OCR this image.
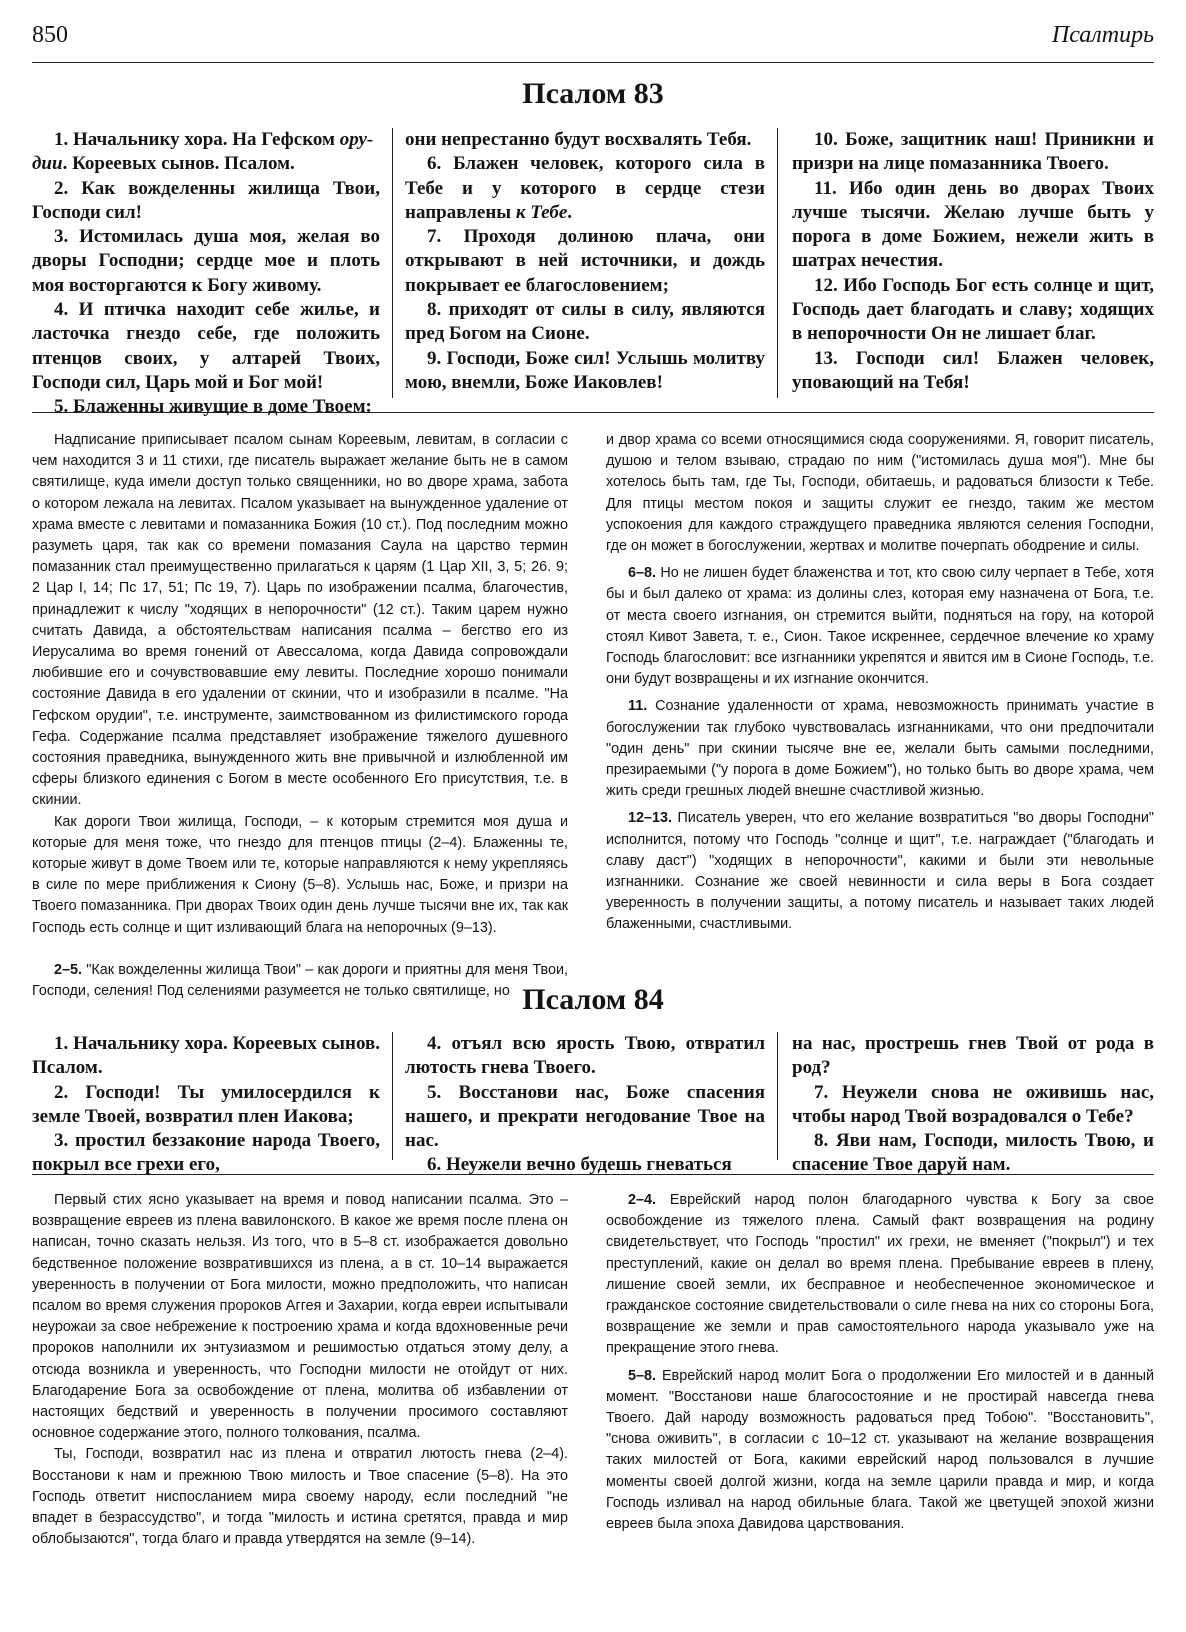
850	Псалтирь
Псалом 83

1. Начальнику хора. На Гефском ору-
дии. Кореевых сынов. Псалом.

2. Как вожделенны жилища Твои, Господи сил!

3. Истомилась душа моя, желая во дворы Господни; сердце мое и плоть моя восторгаются к Богу живому.

4. И птичка находит себе жилье, и ласточка гнездо себе, где положить птенцов своих, у алтарей Твоих, Господи сил, Царь мой и Бог мой!

5. Блаженны живущие в доме Твоем:

они непрестанно будут восхвалять Тебя.

6. Блажен человек, которого сила в Тебе и у которого в сердце стези направлены к Тебе.

7. Проходя долиною плача, они открывают в ней источники, и дождь покрывает ее благословением;

8. приходят от силы в силу, являются пред Богом на Сионе.

9. Господи, Боже сил! Услышь молитву мою, внемли, Боже Иаковлев!

10. Боже, защитник наш! Приникни и призри на лице помазанника Твоего.

11. Ибо один день во дворах Твоих лучше тысячи. Желаю лучше быть у порога в доме Божием, нежели жить в шатрах нечестия.

12. Ибо Господь Бог есть солнце и щит, Господь дает благодать и славу; ходящих в непорочности Он не лишает благ.

13. Господи сил! Блажен человек, уповающий на Тебя!

Надписание приписывает псалом сынам Кореевым, левитам, в согласии с чем находится 3 и 11 стихи, где писатель выражает желание быть не в самом святилище, куда имели доступ только священники, но во дворе храма, забота о котором лежала на левитах. Псалом указывает на вынужденное удаление от храма вместе с левитами и помазанника Божия (10 ст.). Под последним можно разуметь царя, так как со времени помазания Саула на царство термин помазанник стал преимущественно прилагаться к царям (1 Цар XII, 3, 5; 26. 9; 2 Цар I, 14; Пс 17, 51; Пс 19, 7). Царь по изображении псалма, благочестив, принадлежит к числу "ходящих в непорочности" (12 ст.). Таким царем нужно считать Давида, а обстоятельствам написания псалма – бегство его из Иерусалима во время гонений от Авессалома, когда Давида сопровождали любившие его и сочувствовавшие ему левиты. Последние хорошо понимали состояние Давида в его удалении от скинии, что и изобразили в псалме. "На Гефском орудии", т.е. инструменте, заимствованном из филистимского города Гефа. Содержание псалма представляет изображение тяжелого душевного состояния праведника, вынужденного жить вне привычной и излюбленной им сферы близкого единения с Богом в месте особенного Его присутствия, т.е. в скинии.

Как дороги Твои жилища, Господи, – к которым стремится моя душа и которые для меня тоже, что гнездо для птенцов птицы (2–4). Блаженны те, которые живут в доме Твоем или те, которые направляются к нему укрепляясь в силе по мере приближения к Сиону (5–8). Услышь нас, Боже, и призри на Твоего помазанника. При дворах Твоих один день лучше тысячи вне их, так как Господь есть солнце и щит изливающий блага на непорочных (9–13).

2–5. "Как вожделенны жилища Твои" – как дороги и приятны для меня Твои, Господи, селения! Под селениями разумеется не только святилище, но

и двор храма со всеми относящимися сюда сооружениями. Я, говорит писатель, душою и телом взываю, страдаю по ним ("истомилась душа моя"). Мне бы хотелось быть там, где Ты, Господи, обитаешь, и радоваться близости к Тебе. Для птицы местом покоя и защиты служит ее гнездо, таким же местом успокоения для каждого страждущего праведника являются селения Господни, где он может в богослужении, жертвах и молитве почерпать ободрение и силы.

6–8. Но не лишен будет блаженства и тот, кто свою силу черпает в Тебе, хотя бы и был далеко от храма: из долины слез, которая ему назначена от Бога, т.е. от места своего изгнания, он стремится выйти, подняться на гору, на которой стоял Кивот Завета, т. е., Сион. Такое искреннее, сердечное влечение ко храму Господь благословит: все изгнанники укрепятся и явится им в Сионе Господь, т.е. они будут возвращены и их изгнание окончится.

11. Сознание удаленности от храма, невозможность принимать участие в богослужении так глубоко чувствовалась изгнанниками, что они предпочитали "один день" при скинии тысяче вне ее, желали быть самыми последними, презираемыми ("у порога в доме Божием"), но только быть во дворе храма, чем жить среди грешных людей внешне счастливой жизнью.

12–13. Писатель уверен, что его желание возвратиться "во дворы Господни" исполнится, потому что Господь "солнце и щит", т.е. награждает ("благодать и славу даст") "ходящих в непорочности", какими и были эти невольные изгнанники. Сознание же своей невинности и сила веры в Бога создает уверенность в получении защиты, а потому писатель и называет таких людей блаженными, счастливыми.

Псалом 84

1. Начальнику хора. Кореевых сынов. Псалом.

2. Господи! Ты умилосердился к земле Твоей, возвратил плен Иакова;

3. простил беззаконие народа Твоего, покрыл все грехи его,

4. отъял всю ярость Твою, отвратил лютость гнева Твоего.

5. Восстанови нас, Боже спасения нашего, и прекрати негодование Твое на нас.

6. Неужели вечно будешь гневаться

на нас, прострешь гнев Твой от рода в род?

7. Неужели снова не оживишь нас, чтобы народ Твой возрадовался о Тебе?

8. Яви нам, Господи, милость Твою, и спасение Твое даруй нам.

Первый стих ясно указывает на время и повод написании псалма. Это – возвращение евреев из плена вавилонского. В какое же время после плена он написан, точно сказать нельзя. Из того, что в 5–8 ст. изображается довольно бедственное положение возвратившихся из плена, а в ст. 10–14 выражается уверенность в получении от Бога милости, можно предположить, что написан псалом во время служения пророков Аггея и Захарии, когда евреи испытывали неурожаи за свое небрежение к построению храма и когда вдохновенные речи пророков наполнили их энтузиазмом и решимостью отдаться этому делу, а отсюда возникла и уверенность, что Господни милости не отойдут от них. Благодарение Бога за освобождение от плена, молитва об избавлении от настоящих бедствий и уверенность в получении просимого составляют основное содержание этого, полного толкования, псалма.

Ты, Господи, возвратил нас из плена и отвратил лютость гнева (2–4). Восстанови к нам и прежнюю Твою милость и Твое спасение (5–8). На это Господь ответит ниспосланием мира своему народу, если последний "не впадет в безрассудство", и тогда "милость и истина сретятся, правда и мир облобызаются", тогда благо и правда утвердятся на земле (9–14).

2–4. Еврейский народ полон благодарного чувства к Богу за свое освобождение из тяжелого плена. Самый факт возвращения на родину свидетельствует, что Господь "простил" их грехи, не вменяет ("покрыл") и тех преступлений, какие он делал во время плена. Пребывание евреев в плену, лишение своей земли, их бесправное и необеспеченное экономическое и гражданское состояние свидетельствовали о силе гнева на них со стороны Бога, возвращение же земли и прав самостоятельного народа указывало уже на прекращение этого гнева.

5–8. Еврейский народ молит Бога о продолжении Его милостей и в данный момент. "Восстанови наше благосостояние и не простирай навсегда гнева Твоего. Дай народу возможность радоваться пред Тобою". "Восстановить", "снова оживить", в согласии с 10–12 ст. указывают на желание возвращения таких милостей от Бога, какими еврейский народ пользовался в лучшие моменты своей долгой жизни, когда на земле царили правда и мир, и когда Господь изливал на народ обильные блага. Такой же цветущей эпохой жизни евреев была эпоха Давидова царствования.
